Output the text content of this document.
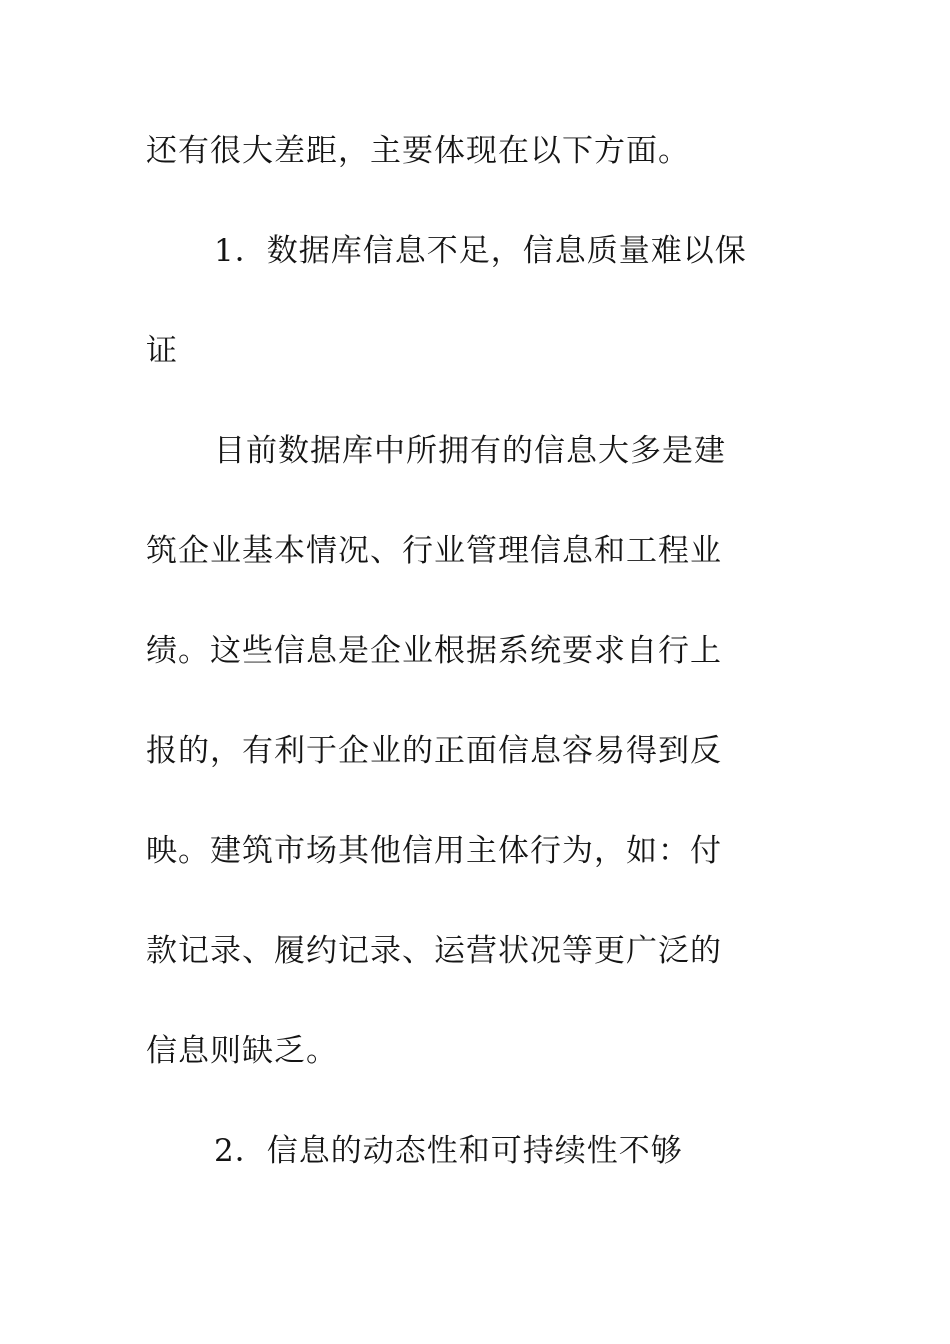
还有很大差距，主要体现在以下方面。
1．数据库信息不足，信息质量难以保
证
目前数据库中所拥有的信息大多是建
筑企业基本情况、行业管理信息和工程业
绩。这些信息是企业根据系统要求自行上
报的，有利于企业的正面信息容易得到反
映。建筑市场其他信用主体行为，如：付
款记录、履约记录、运营状况等更广泛的
信息则缺乏。
2．信息的动态性和可持续性不够
